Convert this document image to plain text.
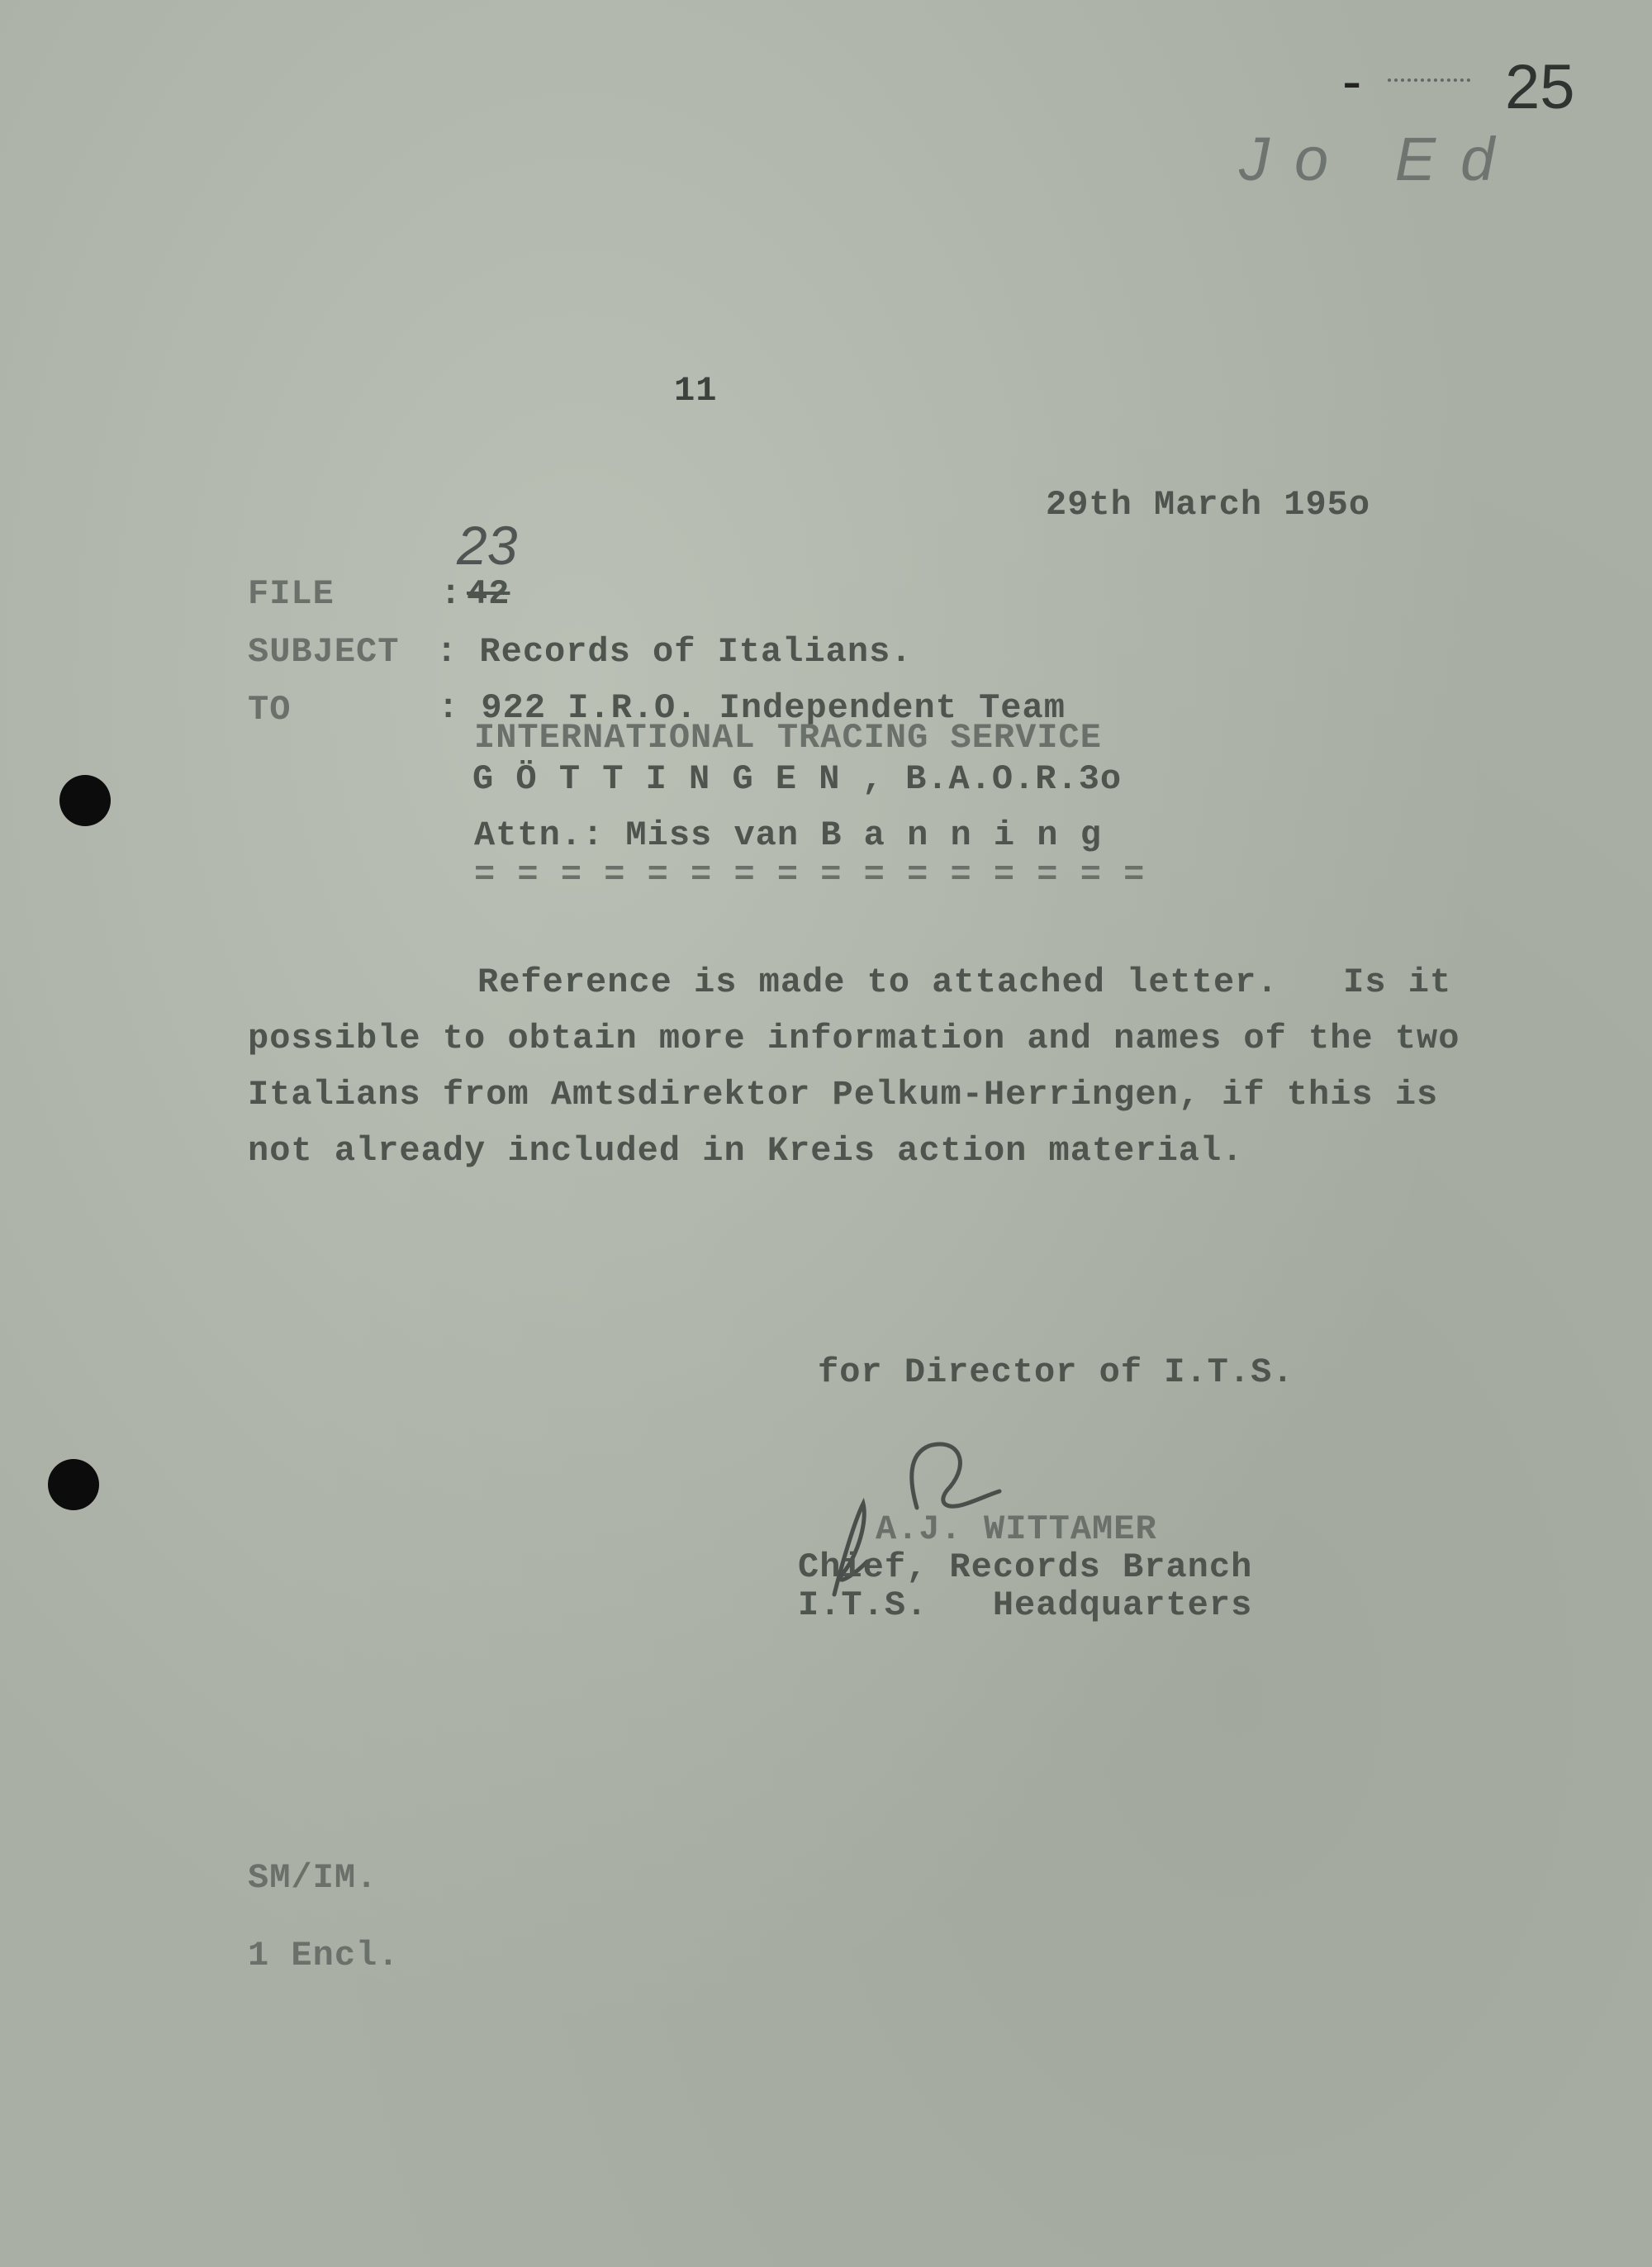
- 25
Jo Ed
11
29th March 195o
23
FILE	: 42
SUBJECT : Records of Italians.
TO	: 922 I.R.O. Independent Team
INTERNATIONAL TRACING SERVICE
G Ö T T I N G E N , B.A.O.R.3o
Attn.: Miss van B a n n i n g
= = = = = = = = = = = = = = = =
Reference is made to attached letter.   Is it
possible to obtain more information and names of the two
Italians from Amtsdirektor Pelkum-Herringen, if this is
not already included in Kreis action material.
for Director of I.T.S.
A.J. WITTAMER
Chief, Records Branch
I.T.S.   Headquarters
SM/IM.
1 Encl.
